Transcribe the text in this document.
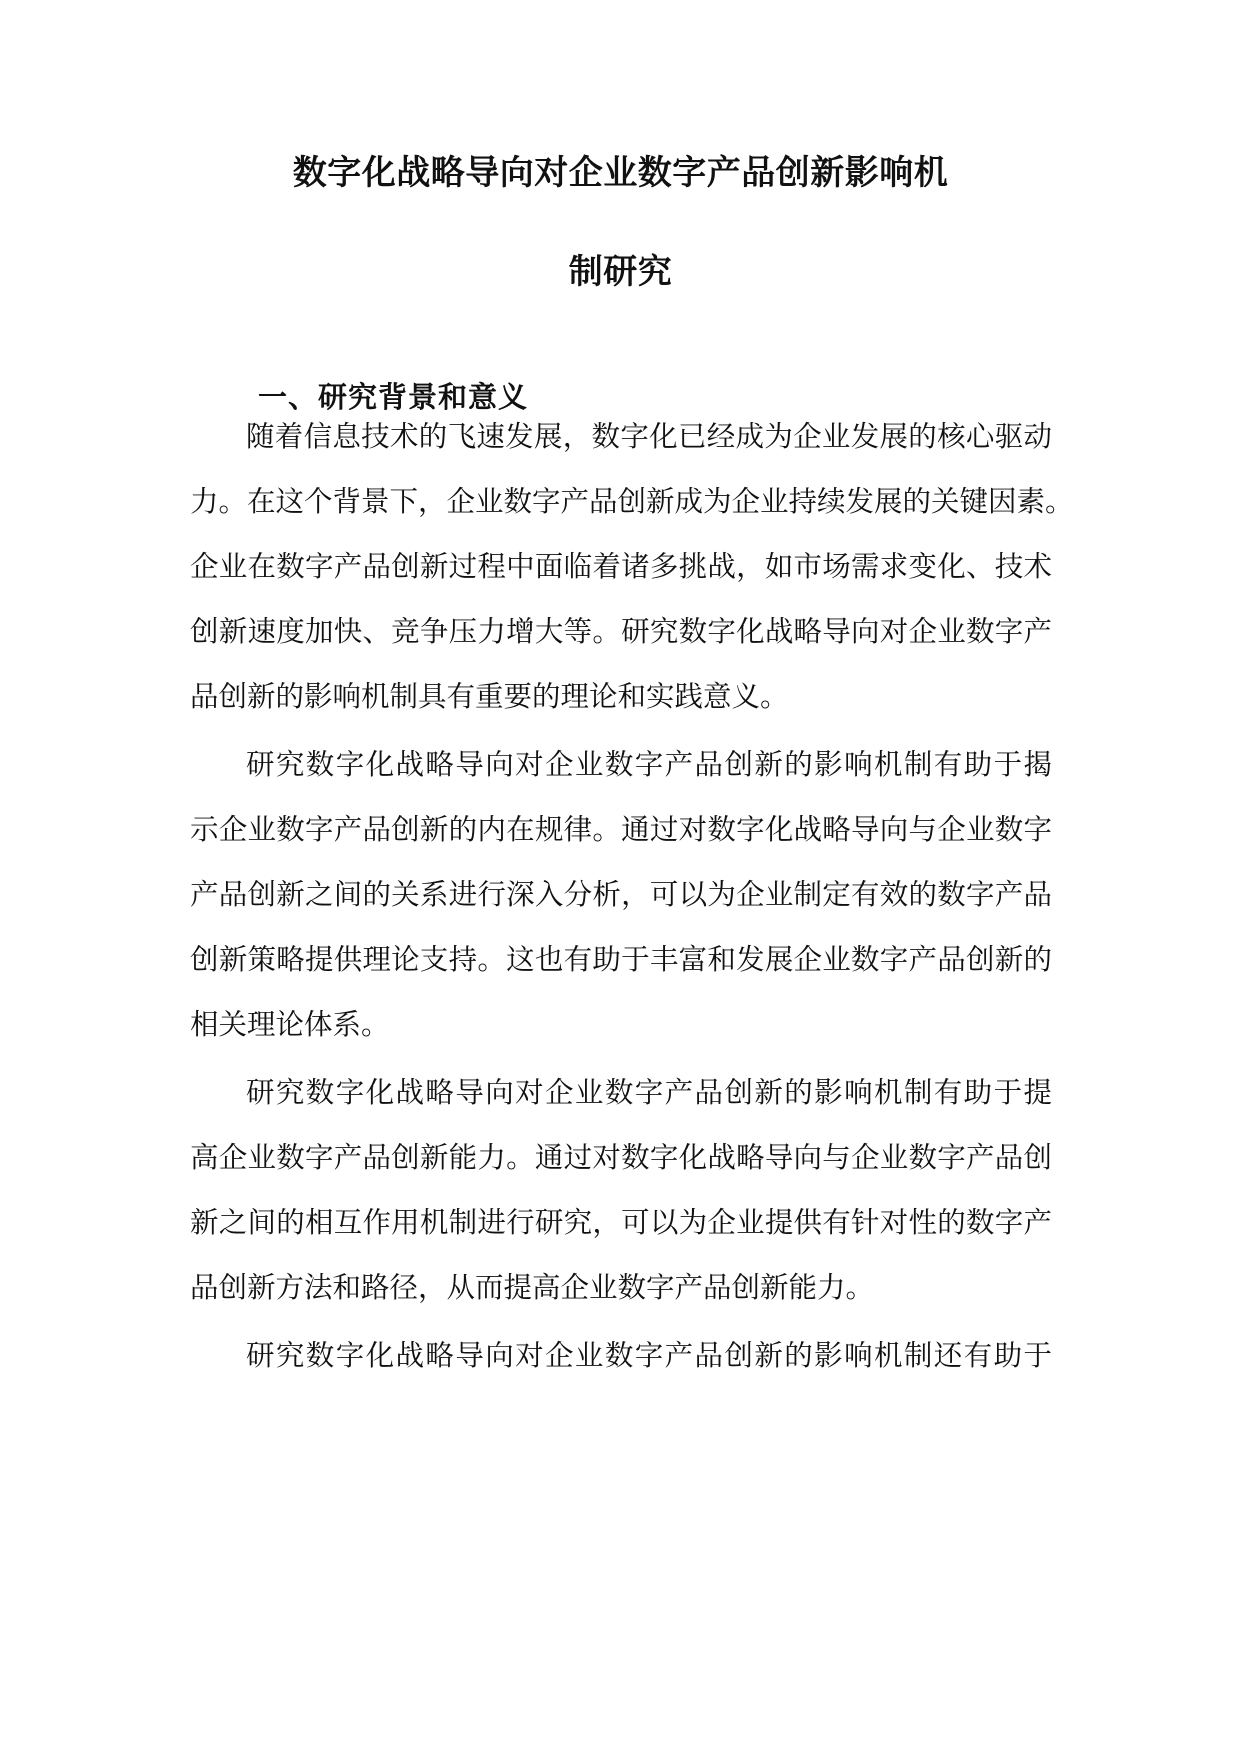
数字化战略导向对企业数字产品创新影响机
制研究
一、研究背景和意义

随着信息技术的飞速发展，数字化已经成为企业发展的核心驱动

力。在这个背景下，企业数字产品创新成为企业持续发展的关键因素。

企业在数字产品创新过程中面临着诸多挑战，如市场需求变化、技术

创新速度加快、竞争压力增大等。研究数字化战略导向对企业数字产

品创新的影响机制具有重要的理论和实践意义。

研究数字化战略导向对企业数字产品创新的影响机制有助于揭

示企业数字产品创新的内在规律。通过对数字化战略导向与企业数字

产品创新之间的关系进行深入分析，可以为企业制定有效的数字产品

创新策略提供理论支持。这也有助于丰富和发展企业数字产品创新的

相关理论体系。

研究数字化战略导向对企业数字产品创新的影响机制有助于提

高企业数字产品创新能力。通过对数字化战略导向与企业数字产品创

新之间的相互作用机制进行研究，可以为企业提供有针对性的数字产

品创新方法和路径，从而提高企业数字产品创新能力。

研究数字化战略导向对企业数字产品创新的影响机制还有助于
